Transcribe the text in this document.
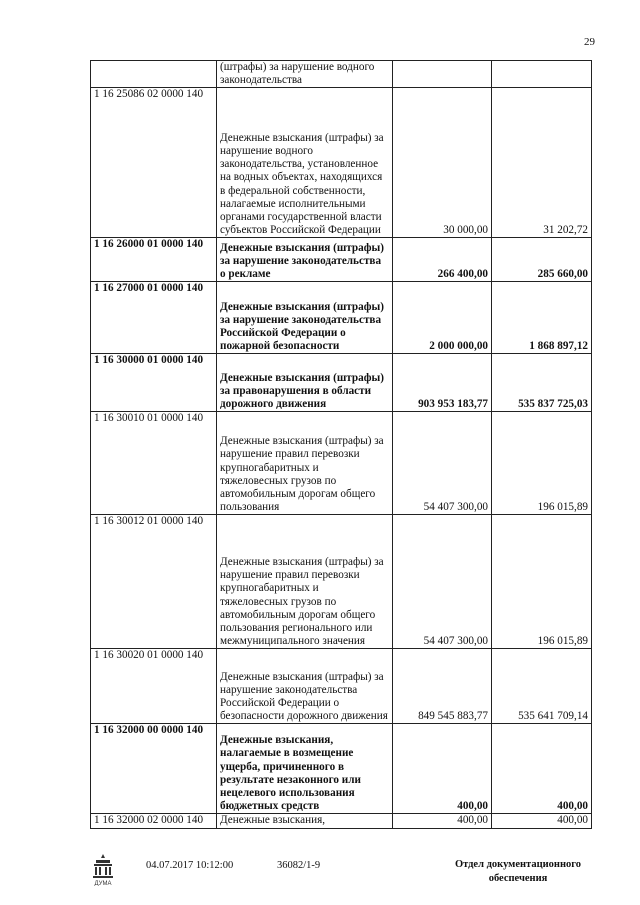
29
	(штрафы) за нарушение водного законодательства		
1 16 25086 02 0000 140	Денежные взыскания (штрафы) за нарушение водного законодательства, установленное на водных объектах, находящихся в федеральной собственности, налагаемые исполнительными органами государственной власти субъектов Российской Федерации	30 000,00	31 202,72
1 16 26000 01 0000 140	Денежные взыскания (штрафы) за нарушение законодательства о рекламе	266 400,00	285 660,00
1 16 27000 01 0000 140	Денежные взыскания (штрафы) за нарушение законодательства Российской Федерации о пожарной безопасности	2 000 000,00	1 868 897,12
1 16 30000 01 0000 140	Денежные взыскания (штрафы) за правонарушения в области дорожного движения	903 953 183,77	535 837 725,03
1 16 30010 01 0000 140	Денежные взыскания (штрафы) за нарушение правил перевозки крупногабаритных и тяжеловесных грузов по автомобильным дорогам общего пользования	54 407 300,00	196 015,89
1 16 30012 01 0000 140	Денежные взыскания (штрафы) за нарушение правил перевозки крупногабаритных и тяжеловесных грузов по автомобильным дорогам общего пользования регионального или межмуниципального значения	54 407 300,00	196 015,89
1 16 30020 01 0000 140	Денежные взыскания (штрафы) за нарушение законодательства Российской Федерации о безопасности дорожного движения	849 545 883,77	535 641 709,14
1 16 32000 00 0000 140	Денежные взыскания, налагаемые в возмещение ущерба, причиненного в результате незаконного или нецелевого использования бюджетных средств	400,00	400,00
1 16 32000 02 0000 140	Денежные взыскания,	400,00	400,00
ДУМА
04.07.2017 10:12:00	36082/1-9	Отдел документационного обеспечения
